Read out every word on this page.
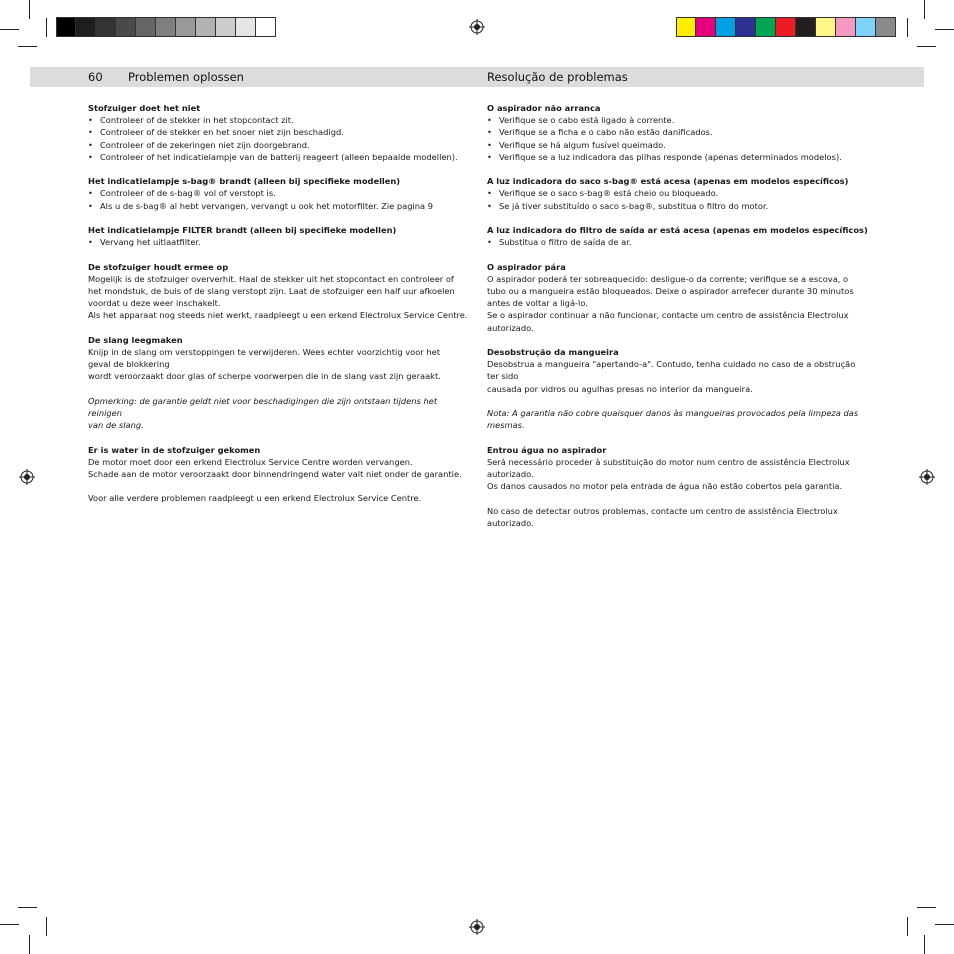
60 Problemen oplossen	Resolução de problemas

Stofzuiger doet het niet

• Controleer of de stekker in het stopcontact zit.
• Controleer of de stekker en het snoer niet zijn beschadigd.
• Controleer of de zekeringen niet zijn doorgebrand.
• Controleer of het indicatielampje van de batterij reageert (alleen bepaalde modellen).

Het indicatielampje s-bag® brandt (alleen bij specifieke modellen)

• Controleer of de s-bag® vol of verstopt is.
• Als u de s-bag® al hebt vervangen, vervangt u ook het motorfilter. Zie pagina 9

Het indicatielampje FILTER brandt (alleen bij specifieke modellen)

• Vervang het uitlaatfilter.

De stofzuiger houdt ermee op

Mogelijk is de stofzuiger oververhit. Haal de stekker uit het stopcontact en controleer of

het mondstuk, de buis of de slang verstopt zijn. Laat de stofzuiger een half uur afkoelen

voordat u deze weer inschakelt.

Als het apparaat nog steeds niet werkt, raadpleegt u een erkend Electrolux Service Centre.

De slang leegmaken

Knijp in de slang om verstoppingen te verwijderen. Wees echter voorzichtig voor het

geval de blokkering

wordt veroorzaakt door glas of scherpe voorwerpen die in de slang vast zijn geraakt.

Opmerking: de garantie geldt niet voor beschadigingen die zijn ontstaan tijdens het reinigen

van de slang.

Er is water in de stofzuiger gekomen

De motor moet door een erkend Electrolux Service Centre worden vervangen.

Schade aan de motor veroorzaakt door binnendringend water valt niet onder de garantie.

Voor alle verdere problemen raadpleegt u een erkend Electrolux Service Centre.

O aspirador não arranca

• Verifique se o cabo está ligado à corrente.
• Verifique se a ficha e o cabo não estão danificados.
• Verifique se há algum fusível queimado.
• Verifique se a luz indicadora das pilhas responde (apenas determinados modelos).

A luz indicadora do saco s-bag® está acesa (apenas em modelos específicos)

• Verifique se o saco s-bag® está cheio ou bloqueado.
• Se já tiver substituído o saco s-bag®, substitua o filtro do motor.

A luz indicadora do filtro de saída ar está acesa (apenas em modelos específicos)

• Substitua o filtro de saída de ar.

O aspirador pára

O aspirador poderá ter sobreaquecido: desligue-o da corrente; verifique se a escova, o

tubo ou a mangueira estão bloqueados. Deixe o aspirador arrefecer durante 30 minutos

antes de voltar a ligá-lo.

Se o aspirador continuar a não funcionar, contacte um centro de assistência Electrolux

autorizado.

Desobstrução da mangueira

Desobstrua a mangueira "apertando-a". Contudo, tenha cuidado no caso de a obstrução

ter sido

causada por vidros ou agulhas presas no interior da mangueira.

Nota: A garantia não cobre quaisquer danos às mangueiras provocados pela limpeza das

mesmas.

Entrou água no aspirador

Será necessário proceder à substituição do motor num centro de assistência Electrolux

autorizado.

Os danos causados no motor pela entrada de água não estão cobertos pela garantia.

No caso de detectar outros problemas, contacte um centro de assistência Electrolux

autorizado.
